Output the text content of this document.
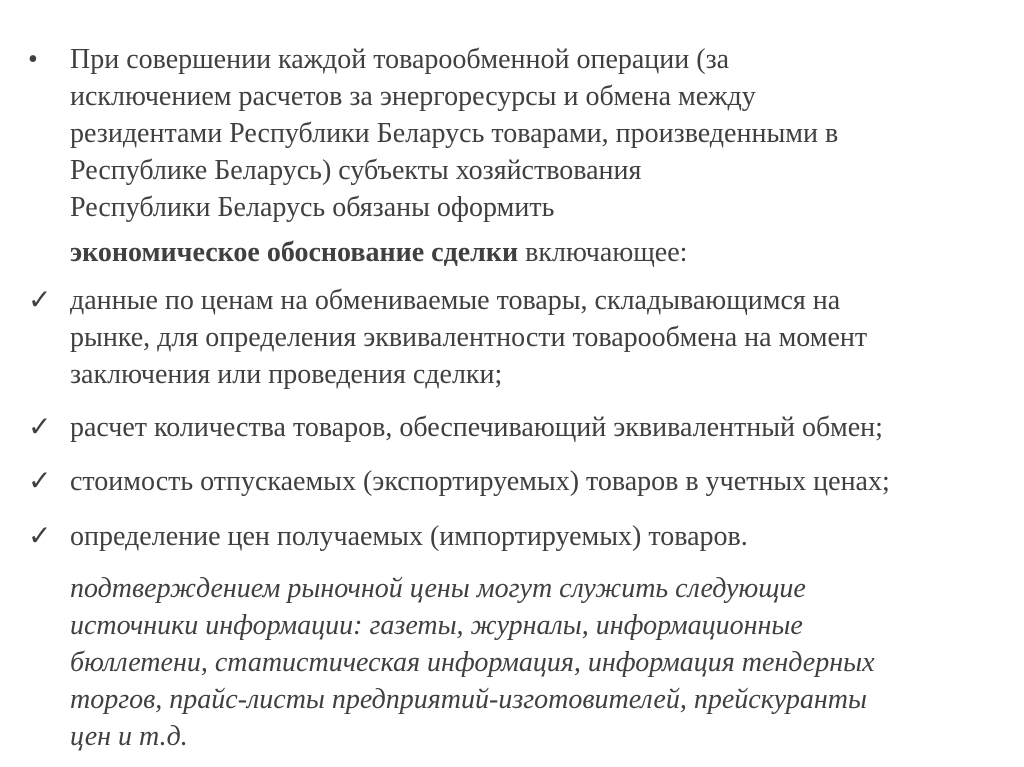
• При совершении каждой товарообменной операции (за
исключением расчетов за энергоресурсы и обмена между
резидентами Республики Беларусь товарами, произведенными в
Республике Беларусь) субъекты хозяйствования
Республики Беларусь обязаны оформить
экономическое обоснование сделки включающее:
✓ данные по ценам на обмениваемые товары, складывающимся на
рынке, для определения эквивалентности товарообмена на момент
заключения или проведения сделки;
✓ расчет количества товаров, обеспечивающий эквивалентный обмен;
✓ стоимость отпускаемых (экспортируемых) товаров в учетных ценах;
✓ определение цен получаемых (импортируемых) товаров.
подтверждением рыночной цены могут служить следующие
источники информации: газеты, журналы, информационные
бюллетени, статистическая информация, информация тендерных
торгов, прайс-листы предприятий-изготовителей, прейскуранты
цен и т.д.
